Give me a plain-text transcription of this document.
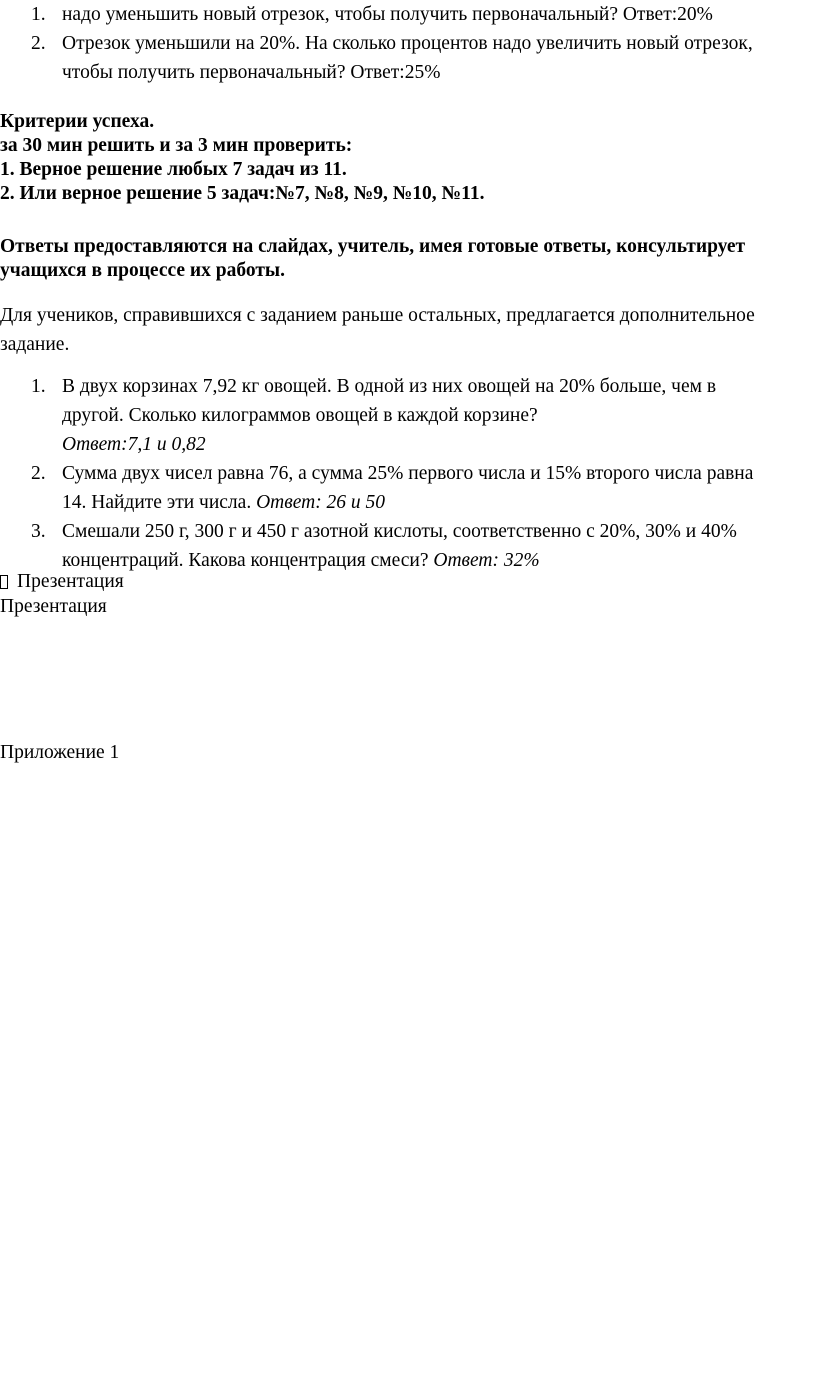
1. надо уменьшить новый отрезок, чтобы получить первоначальный? Ответ:20%
2. Отрезок уменьшили на 20%. На сколько процентов надо увеличить новый отрезок,
чтобы получить первоначальный? Ответ:25%
Критерии успеха.
за 30 мин решить и за 3 мин проверить:
1. Верное решение любых 7 задач из 11.
2. Или верное решение 5 задач:№7, №8, №9, №10, №11.
Ответы предоставляются на слайдах, учитель, имея готовые ответы, консультирует
учащихся в процессе их работы.
Для учеников, справившихся с заданием раньше остальных, предлагается дополнительное
задание.
1. В двух корзинах 7,92 кг овощей. В одной из них овощей на 20% больше, чем в
другой. Сколько килограммов овощей в каждой корзине?
Ответ:7,1 и 0,82
2. Сумма двух чисел равна 76, а сумма 25% первого числа и 15% второго числа равна
14. Найдите эти числа. Ответ: 26 и 50
3. Смешали 250 г, 300 г и 450 г азотной кислоты, соответственно с 20%, 30% и 40%
концентраций. Какова концентрация смеси? Ответ: 32%
Презентация
Презентация
Приложение 1
